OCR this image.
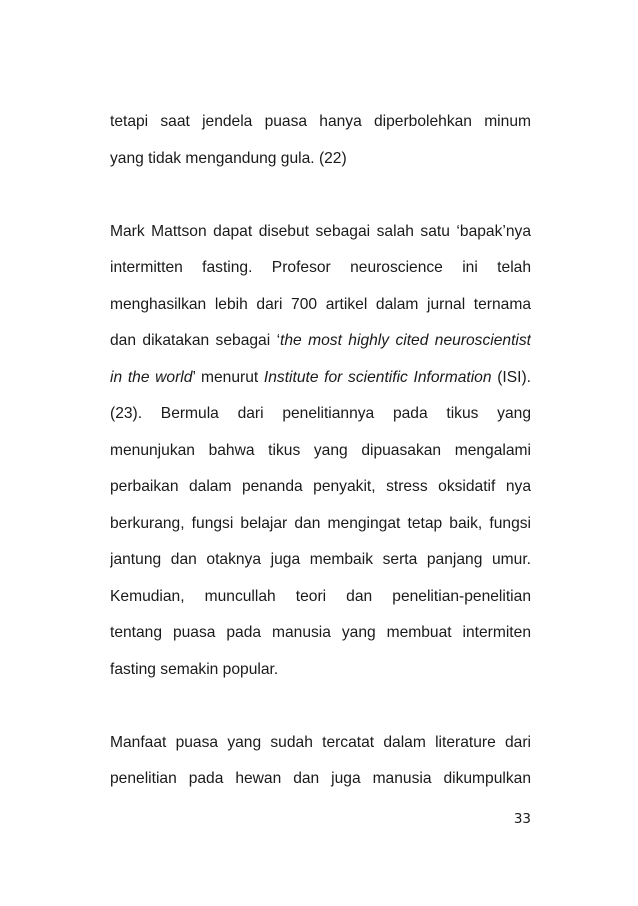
tetapi saat jendela puasa hanya diperbolehkan minum
yang tidak mengandung gula. (22)
Mark Mattson dapat disebut sebagai salah satu ‘bapak’nya
intermitten fasting. Profesor neuroscience ini telah
menghasilkan lebih dari 700 artikel dalam jurnal ternama
dan dikatakan sebagai ‘the most highly cited neuroscientist
in the world’ menurut Institute for scientific Information (ISI).
(23). Bermula dari penelitiannya pada tikus yang
menunjukan bahwa tikus yang dipuasakan mengalami
perbaikan dalam penanda penyakit, stress oksidatif nya
berkurang, fungsi belajar dan mengingat tetap baik, fungsi
jantung dan otaknya juga membaik serta panjang umur.
Kemudian, muncullah teori dan penelitian-penelitian
tentang puasa pada manusia yang membuat intermiten
fasting semakin popular.
Manfaat puasa yang sudah tercatat dalam literature dari
penelitian pada hewan dan juga manusia dikumpulkan
33
